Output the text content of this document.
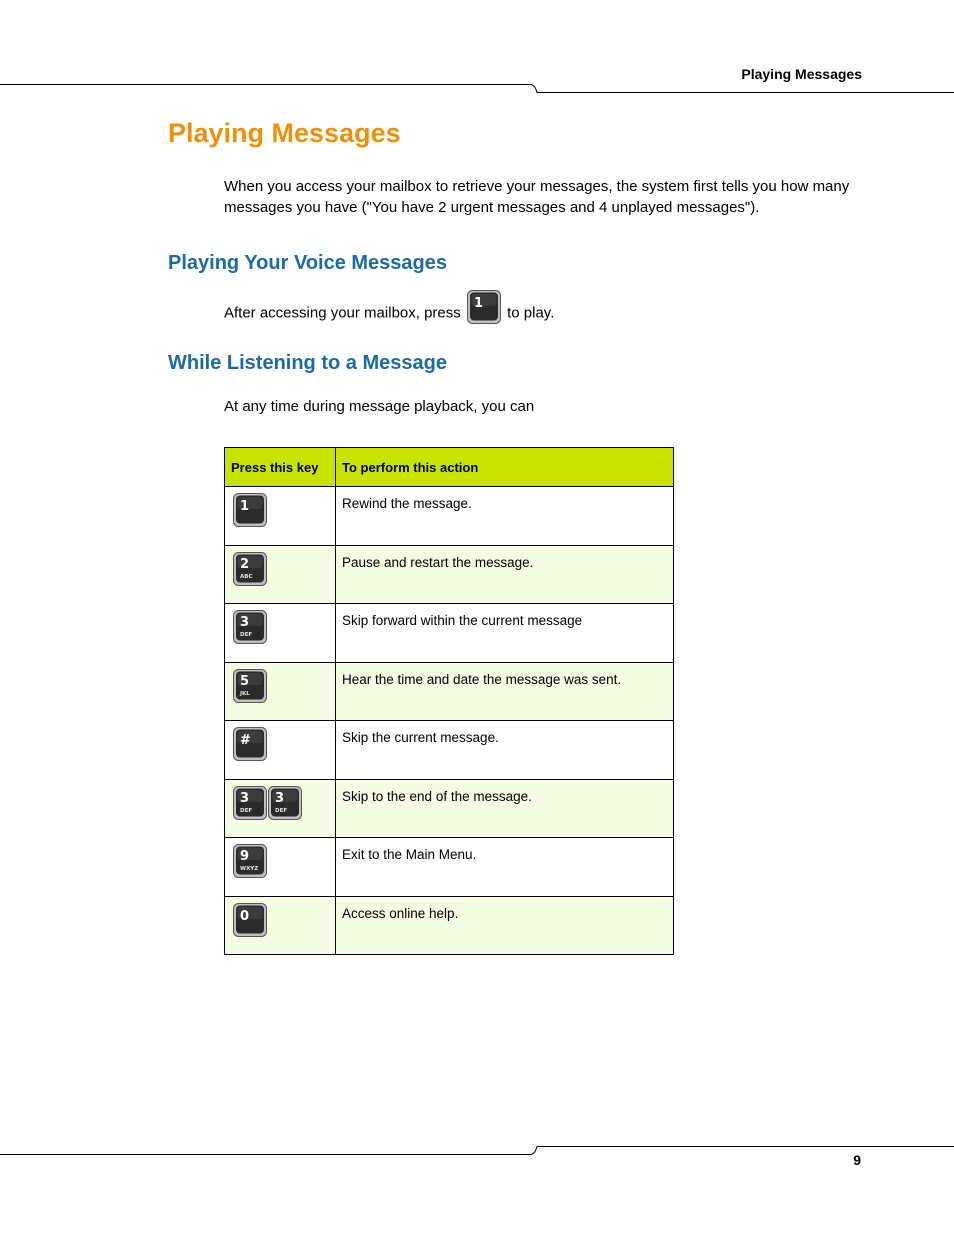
Playing Messages
Playing Messages

When you access your mailbox to retrieve your messages, the system first tells you how many messages you have ("You have 2 urgent messages and 4 unplayed messages").

Playing Your Voice Messages

After accessing your mailbox, press
1
to play.

While Listening to a Message

At any time during message playback, you can

Press this key	To perform this action

1	Rewind the message.

2
ABC	Pause and restart the message.

3
DEF	Skip forward within the current message

5
JKL	Hear the time and date the message was sent.

#	Skip the current message.

3
DEF
3
DEF	Skip to the end of the message.

9
WXYZ	Exit to the Main Menu.

0	Access online help.
9
